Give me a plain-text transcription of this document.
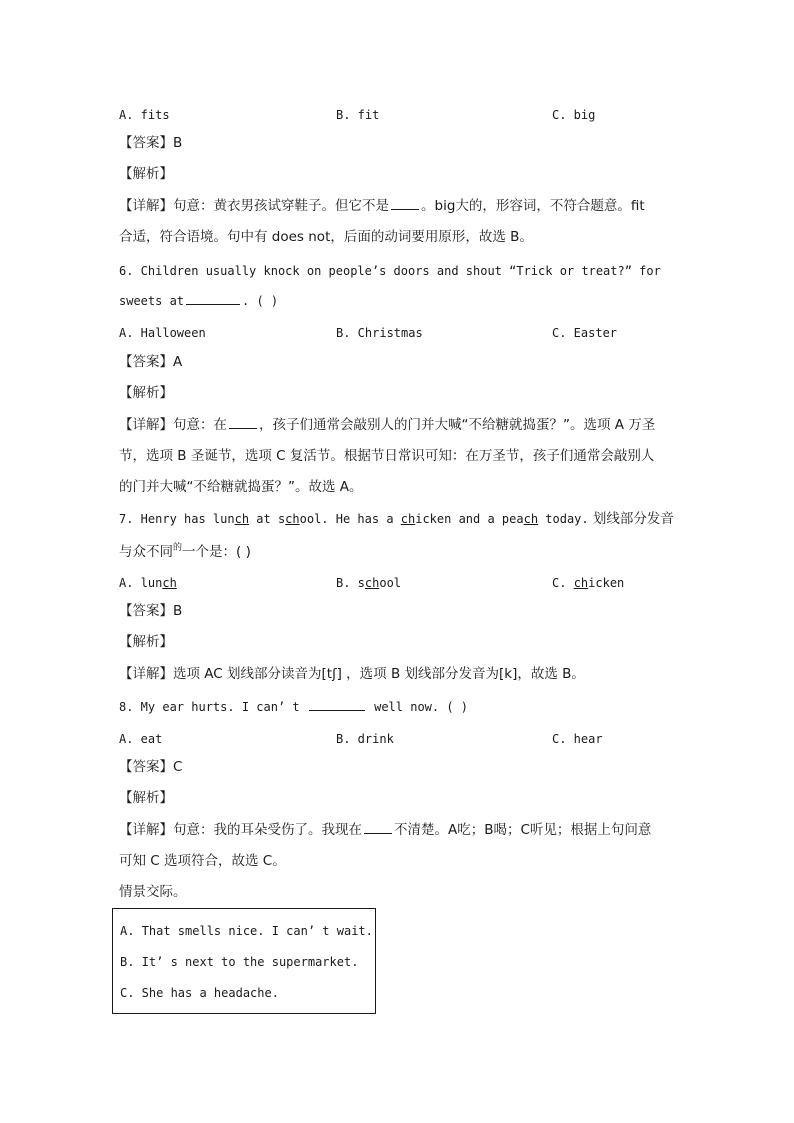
A. fits	B. fit	C. big
【答案】B
【解析】
【详解】句意：黄衣男孩试穿鞋子。但它不是 。big大的，形容词，不符合题意。fit
合适，符合语境。句中有 does not，后面的动词要用原形，故选 B。
6. Children usually knock on people’s doors and shout “Trick or treat?” for
sweets at	. ( )
A. Halloween	B. Christmas	C. Easter
【答案】A
【解析】
【详解】句意：在 ，孩子们通常会敲别人的门并大喊“不给糖就捣蛋？”。选项 A 万圣
节，选项 B 圣诞节，选项 C 复活节。根据节日常识可知：在万圣节，孩子们通常会敲别人
的门并大喊“不给糖就捣蛋？”。故选 A。
7. Henry has lunch at school. He has a chicken and a peach today. 划线部分发音
与众不同$^的$一个是：( )
A. lunch	B. school	C. chicken
【答案】B
【解析】
【详解】选项 AC 划线部分读音为[tʃ] ，选项 B 划线部分发音为[k]，故选 B。
8. My ear hurts. I can’ t	well now. ( )
A. eat	B. drink	C. hear
【答案】C
【解析】
【详解】句意：我的耳朵受伤了。我现在 不清楚。A吃；B喝；C听见；根据上句问意
可知 C 选项符合，故选 C。
情景交际。
A. That smells nice. I can’ t wait.
B. It’ s next to the supermarket.
C. She has a headache.
